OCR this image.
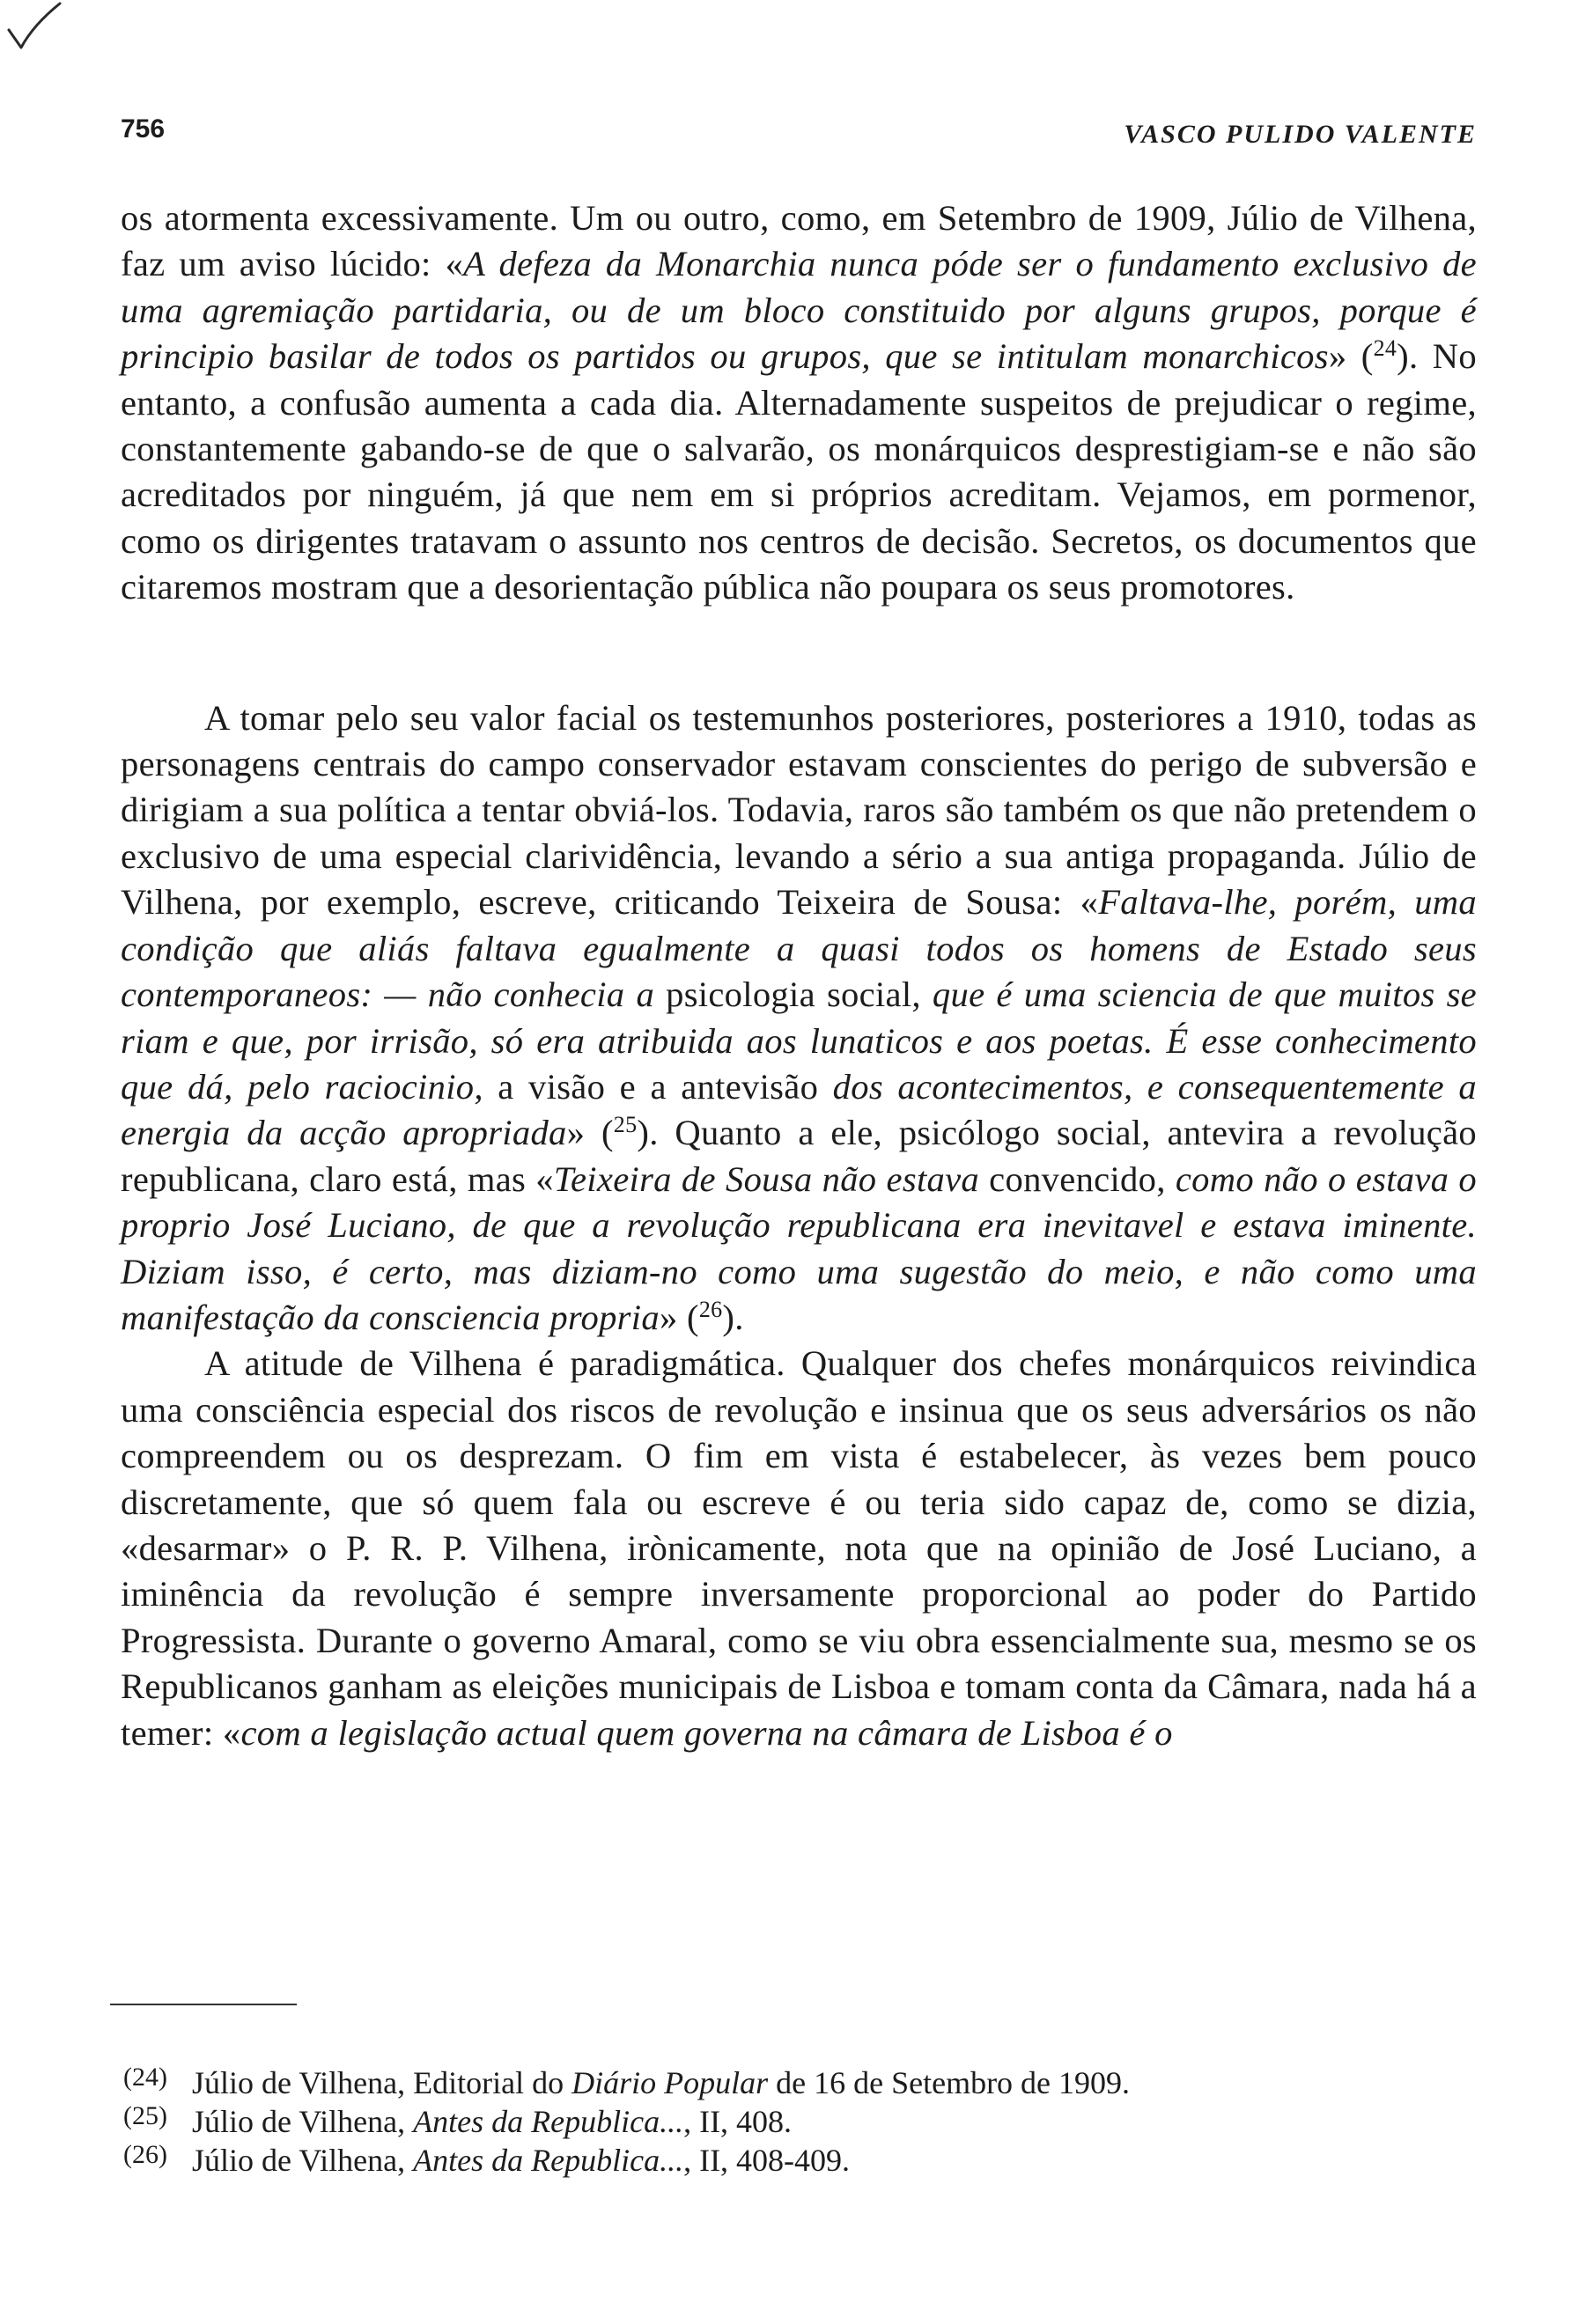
756	VASCO PULIDO VALENTE

os atormenta excessivamente. Um ou outro, como, em Setembro de 1909, Júlio de Vilhena, faz um aviso lúcido: «A defeza da Monarchia nunca póde ser o fundamento exclusivo de uma agremiação partidaria, ou de um bloco constituido por alguns grupos, porque é principio basilar de todos os partidos ou grupos, que se intitulam monarchicos» ($^{24}$). No entanto, a confusão aumenta a cada dia. Alternadamente suspeitos de prejudicar o regime, constantemente gabando-se de que o salvarão, os monárquicos desprestigiam-se e não são acreditados por ninguém, já que nem em si próprios acreditam. Vejamos, em pormenor, como os dirigentes tratavam o assunto nos centros de decisão. Secretos, os documentos que citaremos mostram que a desorientação pública não poupara os seus promotores.

A tomar pelo seu valor facial os testemunhos posteriores, posteriores a 1910, todas as personagens centrais do campo conservador estavam conscientes do perigo de subversão e dirigiam a sua política a tentar obviá-los. Todavia, raros são também os que não pretendem o exclusivo de uma especial clarividência, levando a sério a sua antiga propaganda. Júlio de Vilhena, por exemplo, escreve, criticando Teixeira de Sousa: «Faltava-lhe, porém, uma condição que aliás faltava egualmente a quasi todos os homens de Estado seus contemporaneos: — não conhecia a psicologia social, que é uma sciencia de que muitos se riam e que, por irrisão, só era atribuida aos lunaticos e aos poetas. É esse conhecimento que dá, pelo raciocinio, a visão e a antevisão dos acontecimentos, e consequentemente a energia da acção apropriada» ($^{25}$). Quanto a ele, psicólogo social, antevira a revolução republicana, claro está, mas «Teixeira de Sousa não estava convencido, como não o estava o proprio José Luciano, de que a revolução republicana era inevitavel e estava iminente. Diziam isso, é certo, mas diziam-no como uma sugestão do meio, e não como uma manifestação da consciencia propria» ($^{26}$).

A atitude de Vilhena é paradigmática. Qualquer dos chefes monárquicos reivindica uma consciência especial dos riscos de revolução e insinua que os seus adversários os não compreendem ou os desprezam. O fim em vista é estabelecer, às vezes bem pouco discretamente, que só quem fala ou escreve é ou teria sido capaz de, como se dizia, «desarmar» o P. R. P. Vilhena, irònicamente, nota que na opinião de José Luciano, a iminência da revolução é sempre inversamente proporcional ao poder do Partido Progressista. Durante o governo Amaral, como se viu obra essencialmente sua, mesmo se os Republicanos ganham as eleições municipais de Lisboa e tomam conta da Câmara, nada há a temer: «com a legislação actual quem governa na câmara de Lisboa é o

(24) Júlio de Vilhena, Editorial do Diário Popular de 16 de Setembro de 1909.
(25) Júlio de Vilhena, Antes da Republica..., II, 408.
(26) Júlio de Vilhena, Antes da Republica..., II, 408-409.
